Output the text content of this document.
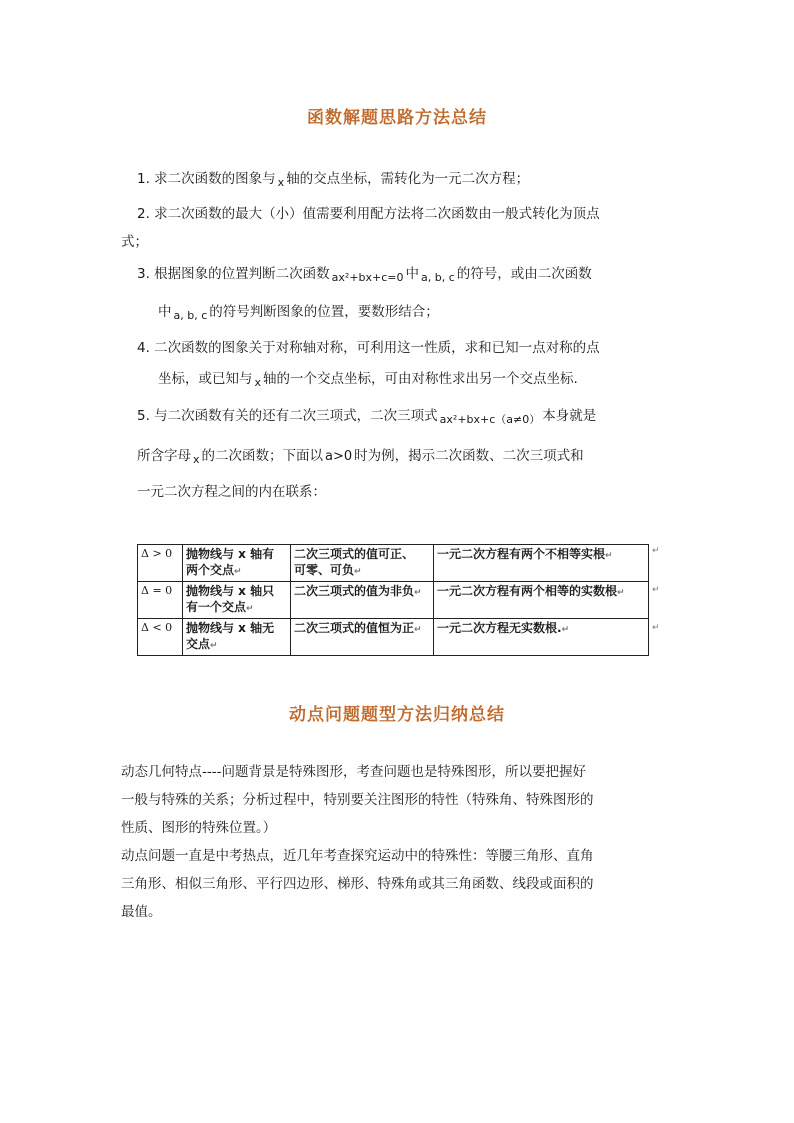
函数解题思路方法总结
1. 求二次函数的图象与 $_x$ 轴的交点坐标，需转化为一元二次方程；
2. 求二次函数的最大（小）值需要利用配方法将二次函数由一般式转化为顶点
式；
3. 根据图象的位置判断二次函数 $_{ax^2+bx+c=0}$ 中 $_{a, b, c}$ 的符号，或由二次函数
中 $_{a, b, c}$ 的符号判断图象的位置，要数形结合；
4. 二次函数的图象关于对称轴对称，可利用这一性质，求和已知一点对称的点
坐标，或已知与 $_x$ 轴的一个交点坐标，可由对称性求出另一个交点坐标.
5. 与二次函数有关的还有二次三项式，二次三项式 $_{ax^2+bx+c(a\ne 0)}$ 本身就是
所含字母 $_x$ 的二次函数；下面以 a>0 时为例，揭示二次函数、二次三项式和
一元二次方程之间的内在联系：
Δ > 0	抛物线与 x 轴有
两个交点↵	二次三项式的值可正、
可零、可负↵	一元二次方程有两个不相等实根↵
Δ = 0	抛物线与 x 轴只
有一个交点↵	二次三项式的值为非负↵	一元二次方程有两个相等的实数根↵
Δ < 0	抛物线与 x 轴无
交点↵	二次三项式的值恒为正↵	一元二次方程无实数根.↵
↵
↵
↵
动点问题题型方法归纳总结
动态几何特点----问题背景是特殊图形，考查问题也是特殊图形，所以要把握好
一般与特殊的关系；分析过程中，特别要关注图形的特性（特殊角、特殊图形的
性质、图形的特殊位置。）
动点问题一直是中考热点，近几年考查探究运动中的特殊性：等腰三角形、直角
三角形、相似三角形、平行四边形、梯形、特殊角或其三角函数、线段或面积的
最值。
